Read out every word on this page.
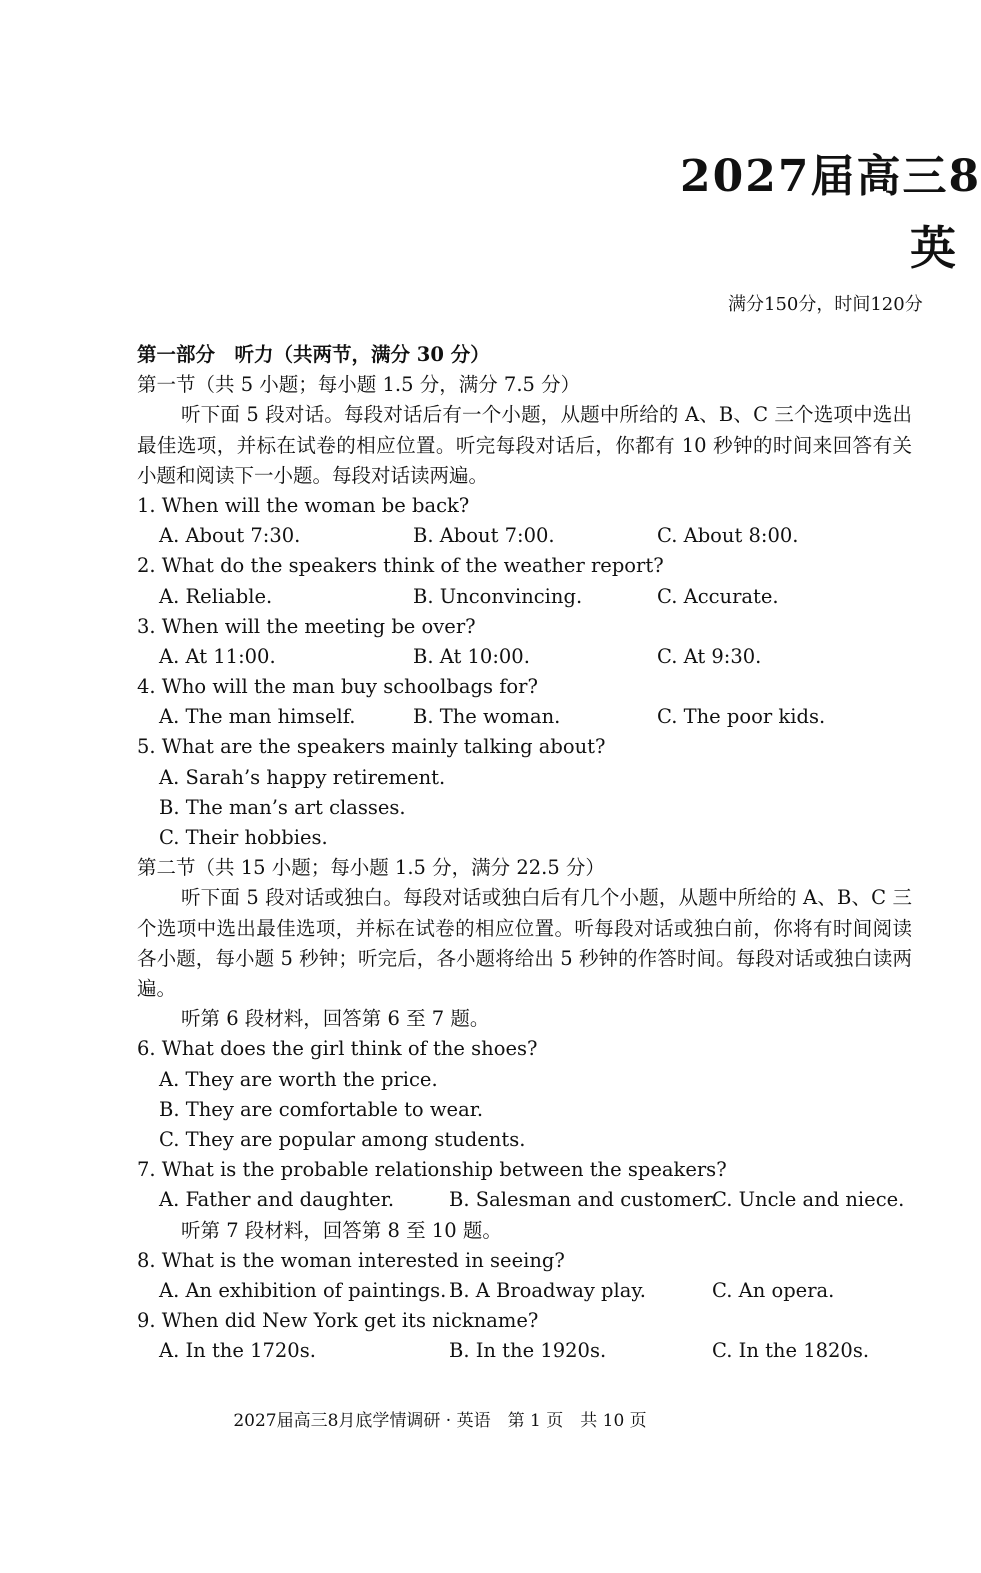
2027届高三8
英
满分150分，时间120分
第一部分　听力（共两节，满分 30 分）
第一节（共 5 小题；每小题 1.5 分，满分 7.5 分）
听下面 5 段对话。每段对话后有一个小题，从题中所给的 A、B、C 三个选项中选出最佳选项，并标在试卷的相应位置。听完每段对话后，你都有 10 秒钟的时间来回答有关小题和阅读下一小题。每段对话读两遍。
1. When will the woman be back?
A. About 7:30.	B. About 7:00.	C. About 8:00.
2. What do the speakers think of the weather report?
A. Reliable.	B. Unconvincing.	C. Accurate.
3. When will the meeting be over?
A. At 11:00.	B. At 10:00.	C. At 9:30.
4. Who will the man buy schoolbags for?
A. The man himself.	B. The woman.	C. The poor kids.
5. What are the speakers mainly talking about?
A. Sarah’s happy retirement.
B. The man’s art classes.
C. Their hobbies.
第二节（共 15 小题；每小题 1.5 分，满分 22.5 分）
听下面 5 段对话或独白。每段对话或独白后有几个小题，从题中所给的 A、B、C 三个选项中选出最佳选项，并标在试卷的相应位置。听每段对话或独白前，你将有时间阅读各小题，每小题 5 秒钟；听完后，各小题将给出 5 秒钟的作答时间。每段对话或独白读两遍。
听第 6 段材料，回答第 6 至 7 题。
6. What does the girl think of the shoes?
A. They are worth the price.
B. They are comfortable to wear.
C. They are popular among students.
7. What is the probable relationship between the speakers?
A. Father and daughter.	B. Salesman and customer.
C. Uncle and niece.
听第 7 段材料，回答第 8 至 10 题。
8. What is the woman interested in seeing?
A. An exhibition of paintings. B. A Broadway play.	C. An opera.
9. When did New York get its nickname?
A. In the 1720s.	B. In the 1920s.	C. In the 1820s.
2027届高三8月底学情调研 · 英语　第 1 页　共 10 页
